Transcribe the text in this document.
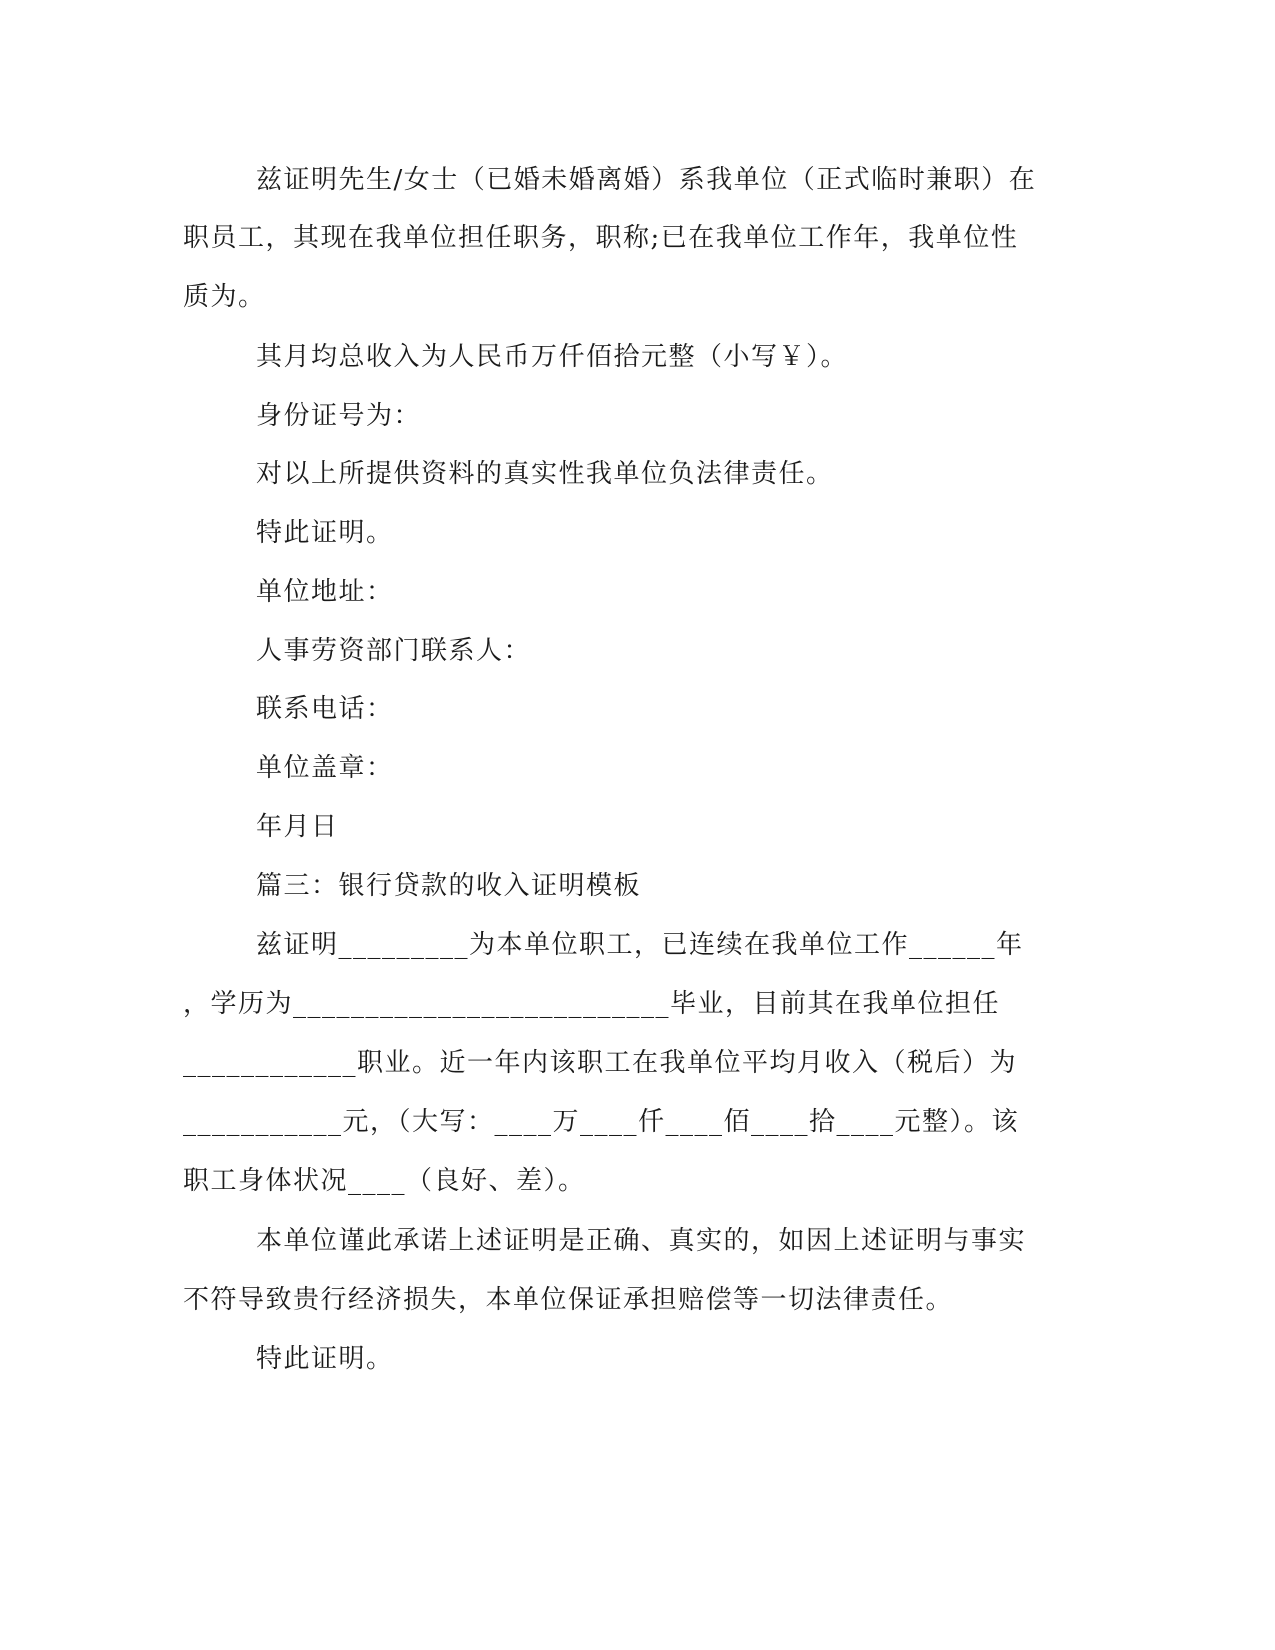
兹证明先生/女士（已婚未婚离婚）系我单位（正式临时兼职）在
职员工，其现在我单位担任职务，职称;已在我单位工作年，我单位性
质为。
其月均总收入为人民币万仟佰拾元整（小写￥）。
身份证号为：
对以上所提供资料的真实性我单位负法律责任。
特此证明。
单位地址：
人事劳资部门联系人：
联系电话：
单位盖章：
年月日
篇三：银行贷款的收入证明模板
兹证明_________为本单位职工，已连续在我单位工作______年
，学历为__________________________毕业，目前其在我单位担任
____________职业。近一年内该职工在我单位平均月收入（税后）为
___________元，（大写：____万____仟____佰____拾____元整）。该
职工身体状况____（良好、差）。
本单位谨此承诺上述证明是正确、真实的，如因上述证明与事实
不符导致贵行经济损失，本单位保证承担赔偿等一切法律责任。
特此证明。
